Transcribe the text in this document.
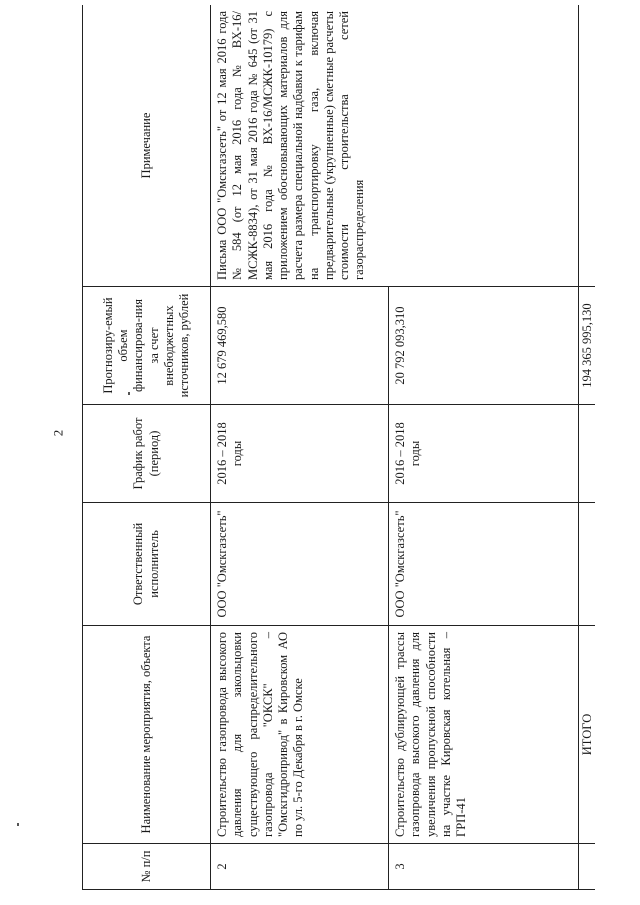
2
№ п/п	Наименование мероприятия, объекта	Ответственный исполнитель	График работ (период)	Прогнозиру-емый объем финансирова-ния за счет внебюджетных источников, рублей	Примечание
2	Строительство газопровода высокого давления для закольцовки существующего распределительного газопровода "ОКСК" – "Омскгидропривод" в Кировском АО по ул. 5-го Декабря в г. Омске	ООО "Омскгазсеть"	2016 – 2018 годы	12 679 469,580	Письма ООО "Омскгазсеть" от 12 мая 2016 года № 584 (от 12 мая 2016 года № ВХ-16/МСЖК-8834), от 31 мая 2016 года № 645 (от 31 мая 2016 года № ВХ-16/МСЖК-10179) с приложением обосновывающих материалов для расчета размера специальной надбавки к тарифам на транспортировку газа, включая предварительные (укрупненные) сметные расчеты стоимости строительства сетей газораспределения
3	Строительство дублирующей трассы газопровода высокого давления для увеличения пропускной способности на участке Кировская котельная – ГРП-41	ООО "Омскгазсеть"	2016 – 2018 годы	20 792 093,310	
	ИТОГО			194 365 995,130	
